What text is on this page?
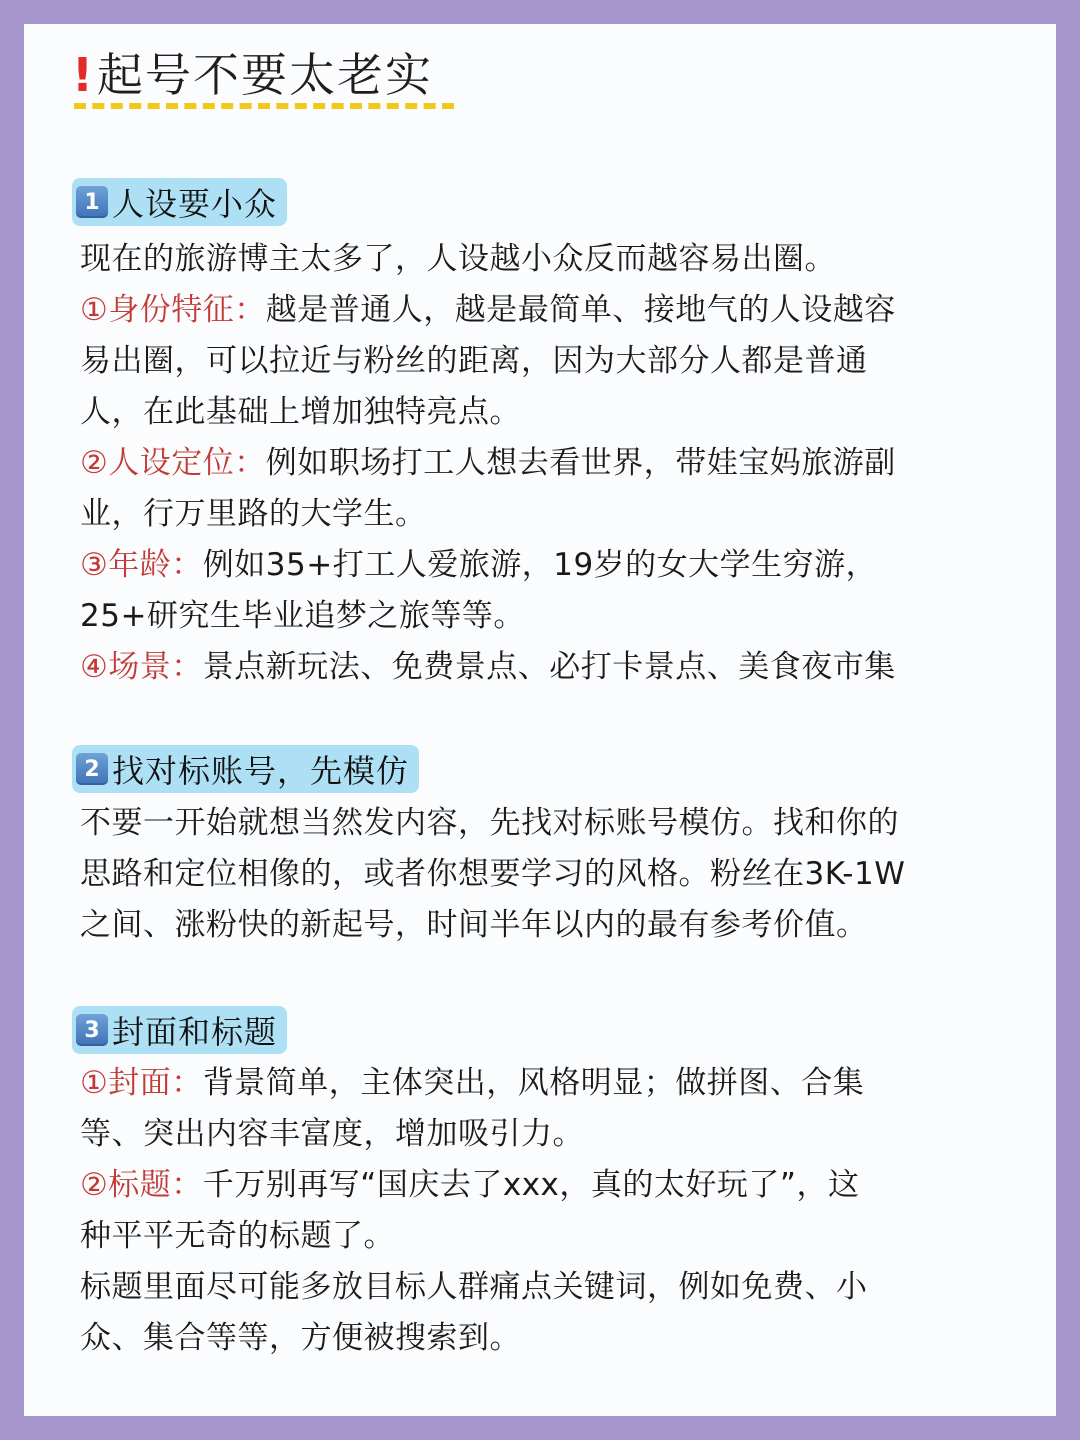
! 起号不要太老实
1 人设要小众
现在的旅游博主太多了，人设越小众反而越容易出圈。
①身份特征：越是普通人，越是最简单、接地气的人设越容
易出圈，可以拉近与粉丝的距离，因为大部分人都是普通
人，在此基础上增加独特亮点。
②人设定位：例如职场打工人想去看世界，带娃宝妈旅游副
业，行万里路的大学生。
③年龄：例如35+打工人爱旅游，19岁的女大学生穷游，
25+研究生毕业追梦之旅等等。
④场景：景点新玩法、免费景点、必打卡景点、美食夜市集
2 找对标账号，先模仿
不要一开始就想当然发内容，先找对标账号模仿。找和你的
思路和定位相像的，或者你想要学习的风格。粉丝在3K-1W
之间、涨粉快的新起号，时间半年以内的最有参考价值。
3 封面和标题
①封面：背景简单，主体突出，风格明显；做拼图、合集
等、突出内容丰富度，增加吸引力。
②标题：千万别再写“国庆去了xxx，真的太好玩了”，这
种平平无奇的标题了。
标题里面尽可能多放目标人群痛点关键词，例如免费、小
众、集合等等，方便被搜索到。
